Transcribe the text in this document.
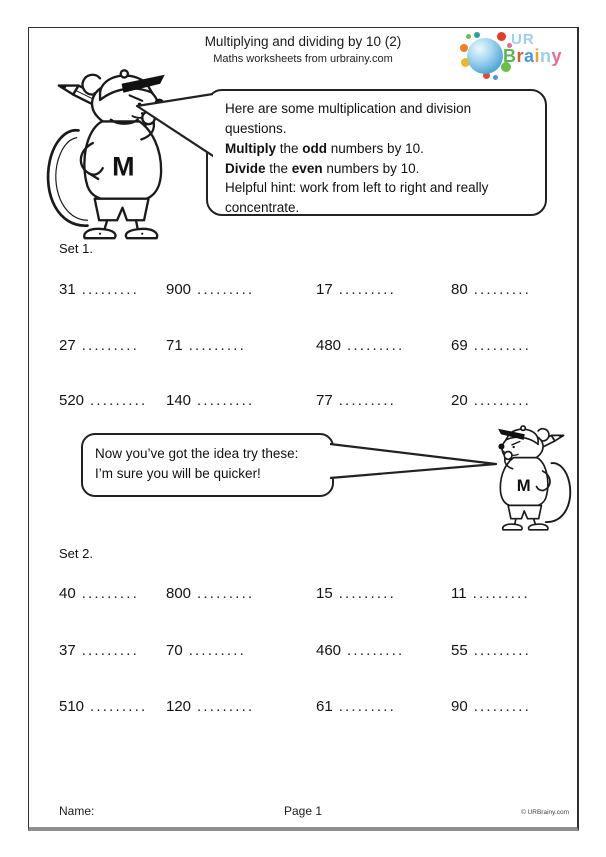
Multiplying and dividing by 10 (2)
Maths worksheets from urbrainy.com
UR
Brainy
M
Here are some multiplication and division questions.
Multiply the odd numbers by 10.
Divide the even numbers by 10.
Helpful hint: work from left to right and really concentrate.
Set 1.
31 ......... 900 .........	17 .........	80 .........
27 ......... 71 .........	480 .........	69 .........
520 ......... 140 .........	77 .........	20 .........
Now you’ve got the idea try these:
I’m sure you will be quicker!
M
Set 2.
40 ......... 800 .........	15 .........	11 .........
37 ......... 70 .........	460 .........	55 .........
510 ......... 120 .........	61 .........	90 .........
Name:	Page 1	© URBrainy.com
